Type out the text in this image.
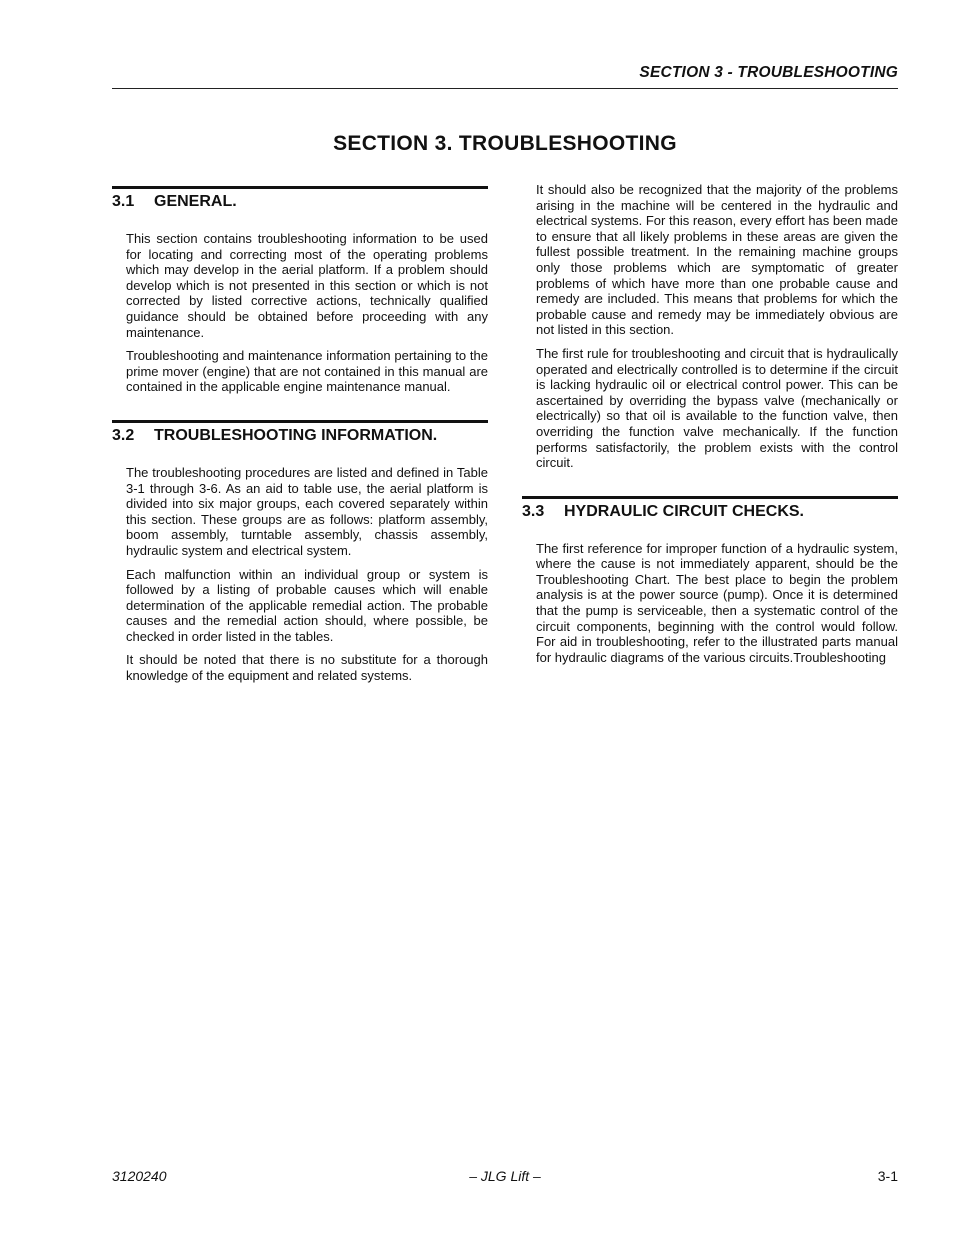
SECTION 3 - TROUBLESHOOTING
SECTION 3. TROUBLESHOOTING
3.1 GENERAL.

This section contains troubleshooting information to be used for locating and correcting most of the operating problems which may develop in the aerial platform. If a problem should develop which is not presented in this section or which is not corrected by listed corrective actions, technically qualified guidance should be obtained before proceeding with any maintenance.

Troubleshooting and maintenance information pertaining to the prime mover (engine) that are not contained in this manual are contained in the applicable engine maintenance manual.

3.2 TROUBLESHOOTING INFORMATION.

The troubleshooting procedures are listed and defined in Table 3-1 through 3-6. As an aid to table use, the aerial platform is divided into six major groups, each covered separately within this section. These groups are as follows: platform assembly, boom assembly, turntable assembly, chassis assembly, hydraulic system and electrical system.

Each malfunction within an individual group or system is followed by a listing of probable causes which will enable determination of the applicable remedial action. The probable causes and the remedial action should, where possible, be checked in order listed in the tables.

It should be noted that there is no substitute for a thorough knowledge of the equipment and related systems.

It should also be recognized that the majority of the problems arising in the machine will be centered in the hydraulic and electrical systems. For this reason, every effort has been made to ensure that all likely problems in these areas are given the fullest possible treatment. In the remaining machine groups only those problems which are symptomatic of greater problems of which have more than one probable cause and remedy are included. This means that problems for which the probable cause and remedy may be immediately obvious are not listed in this section.

The first rule for troubleshooting and circuit that is hydraulically operated and electrically controlled is to determine if the circuit is lacking hydraulic oil or electrical control power. This can be ascertained by overriding the bypass valve (mechanically or electrically) so that oil is available to the function valve, then overriding the function valve mechanically. If the function performs satisfactorily, the problem exists with the control circuit.

3.3 HYDRAULIC CIRCUIT CHECKS.

The first reference for improper function of a hydraulic system, where the cause is not immediately apparent, should be the Troubleshooting Chart. The best place to begin the problem analysis is at the power source (pump). Once it is determined that the pump is serviceable, then a systematic control of the circuit components, beginning with the control would follow. For aid in troubleshooting, refer to the illustrated parts manual for hydraulic diagrams of the various circuits.Troubleshooting

– JLG Lift –
3120240	3-1
